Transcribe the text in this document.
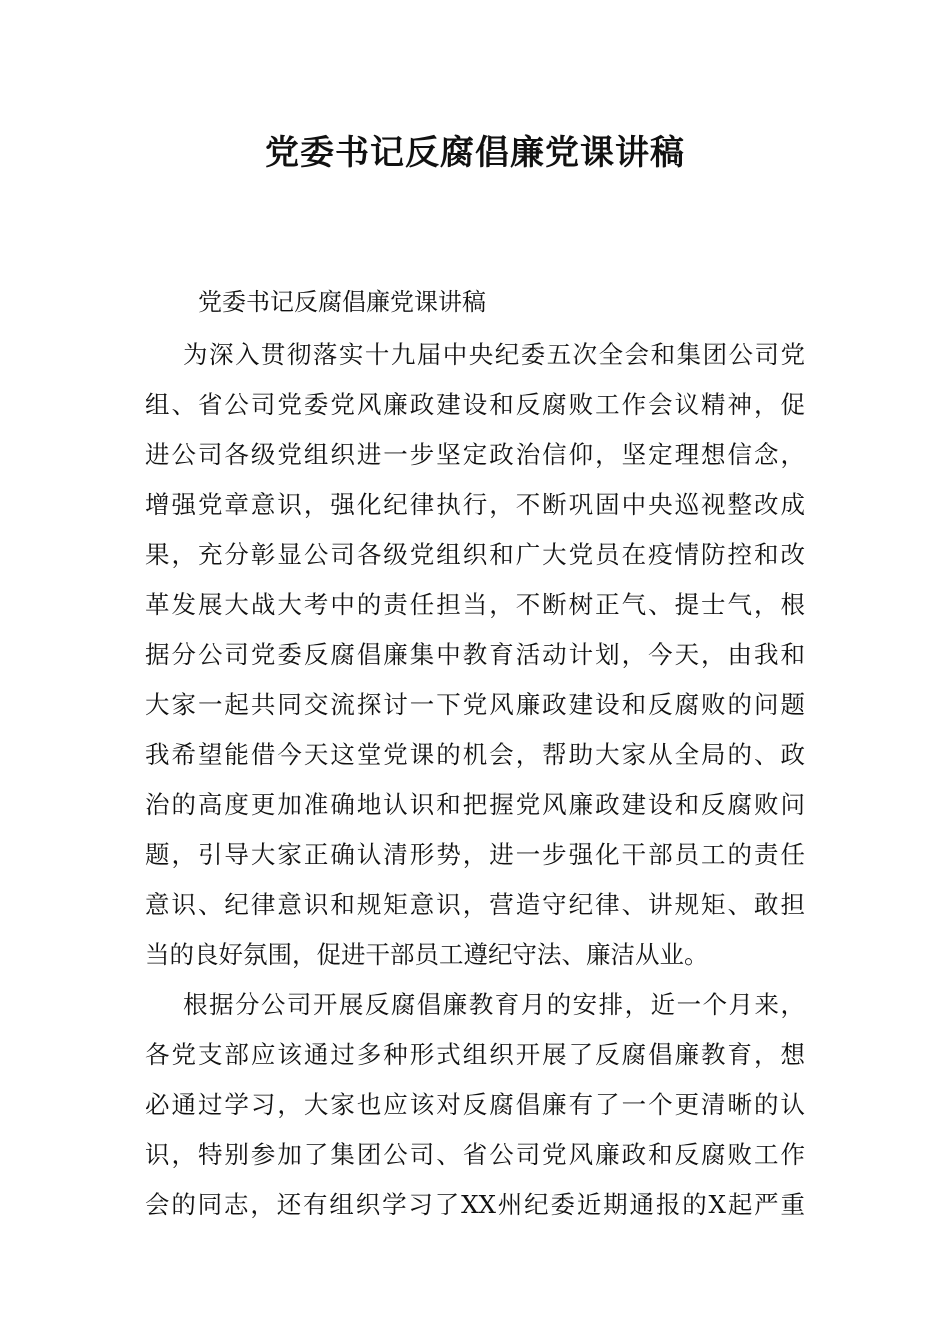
党委书记反腐倡廉党课讲稿
党委书记反腐倡廉党课讲稿
为深入贯彻落实十九届中央纪委五次全会和集团公司党
组、省公司党委党风廉政建设和反腐败工作会议精神，促
进公司各级党组织进一步坚定政治信仰，坚定理想信念，
增强党章意识，强化纪律执行，不断巩固中央巡视整改成
果，充分彰显公司各级党组织和广大党员在疫情防控和改
革发展大战大考中的责任担当，不断树正气、提士气，根
据分公司党委反腐倡廉集中教育活动计划，今天，由我和
大家一起共同交流探讨一下党风廉政建设和反腐败的问题
我希望能借今天这堂党课的机会，帮助大家从全局的、政
治的高度更加准确地认识和把握党风廉政建设和反腐败问
题，引导大家正确认清形势，进一步强化干部员工的责任
意识、纪律意识和规矩意识，营造守纪律、讲规矩、敢担
当的良好氛围，促进干部员工遵纪守法、廉洁从业。
根据分公司开展反腐倡廉教育月的安排，近一个月来，
各党支部应该通过多种形式组织开展了反腐倡廉教育，想
必通过学习，大家也应该对反腐倡廉有了一个更清晰的认
识，特别参加了集团公司、省公司党风廉政和反腐败工作
会的同志，还有组织学习了XX州纪委近期通报的X起严重
